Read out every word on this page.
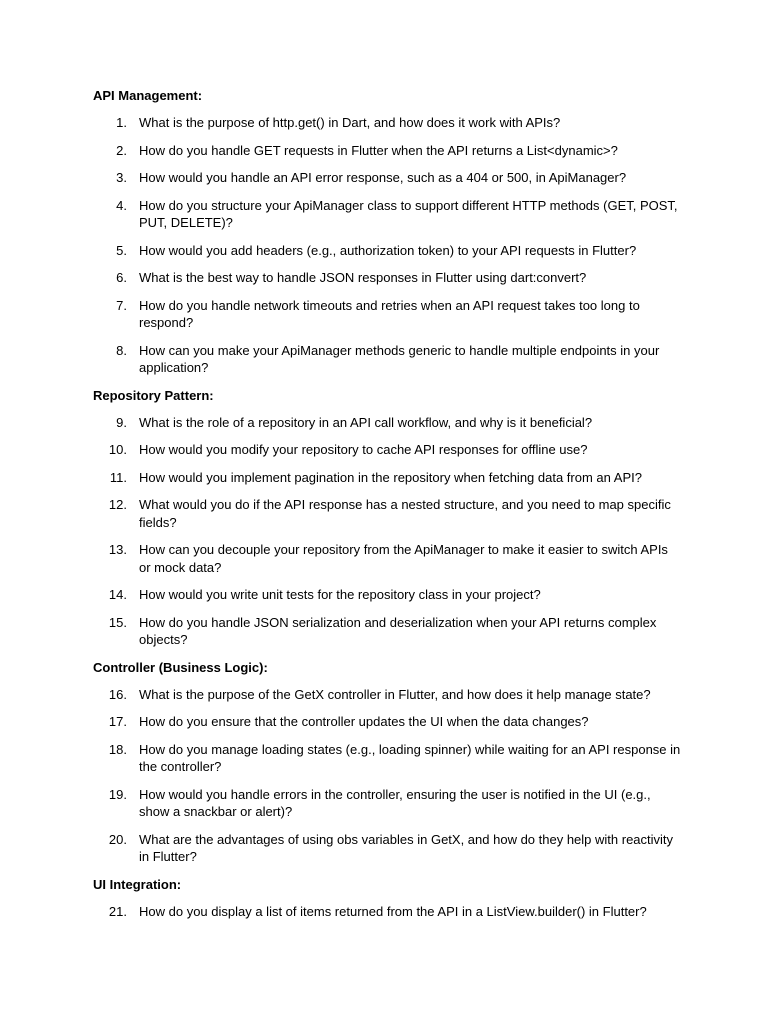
API Management:
1. What is the purpose of http.get() in Dart, and how does it work with APIs?
2. How do you handle GET requests in Flutter when the API returns a List<dynamic>?
3. How would you handle an API error response, such as a 404 or 500, in ApiManager?
4. How do you structure your ApiManager class to support different HTTP methods (GET, POST, PUT, DELETE)?
5. How would you add headers (e.g., authorization token) to your API requests in Flutter?
6. What is the best way to handle JSON responses in Flutter using dart:convert?
7. How do you handle network timeouts and retries when an API request takes too long to respond?
8. How can you make your ApiManager methods generic to handle multiple endpoints in your application?
Repository Pattern:
9. What is the role of a repository in an API call workflow, and why is it beneficial?
10. How would you modify your repository to cache API responses for offline use?
11. How would you implement pagination in the repository when fetching data from an API?
12. What would you do if the API response has a nested structure, and you need to map specific fields?
13. How can you decouple your repository from the ApiManager to make it easier to switch APIs or mock data?
14. How would you write unit tests for the repository class in your project?
15. How do you handle JSON serialization and deserialization when your API returns complex objects?
Controller (Business Logic):
16. What is the purpose of the GetX controller in Flutter, and how does it help manage state?
17. How do you ensure that the controller updates the UI when the data changes?
18. How do you manage loading states (e.g., loading spinner) while waiting for an API response in the controller?
19. How would you handle errors in the controller, ensuring the user is notified in the UI (e.g., show a snackbar or alert)?
20. What are the advantages of using obs variables in GetX, and how do they help with reactivity in Flutter?
UI Integration:
21. How do you display a list of items returned from the API in a ListView.builder() in Flutter?
